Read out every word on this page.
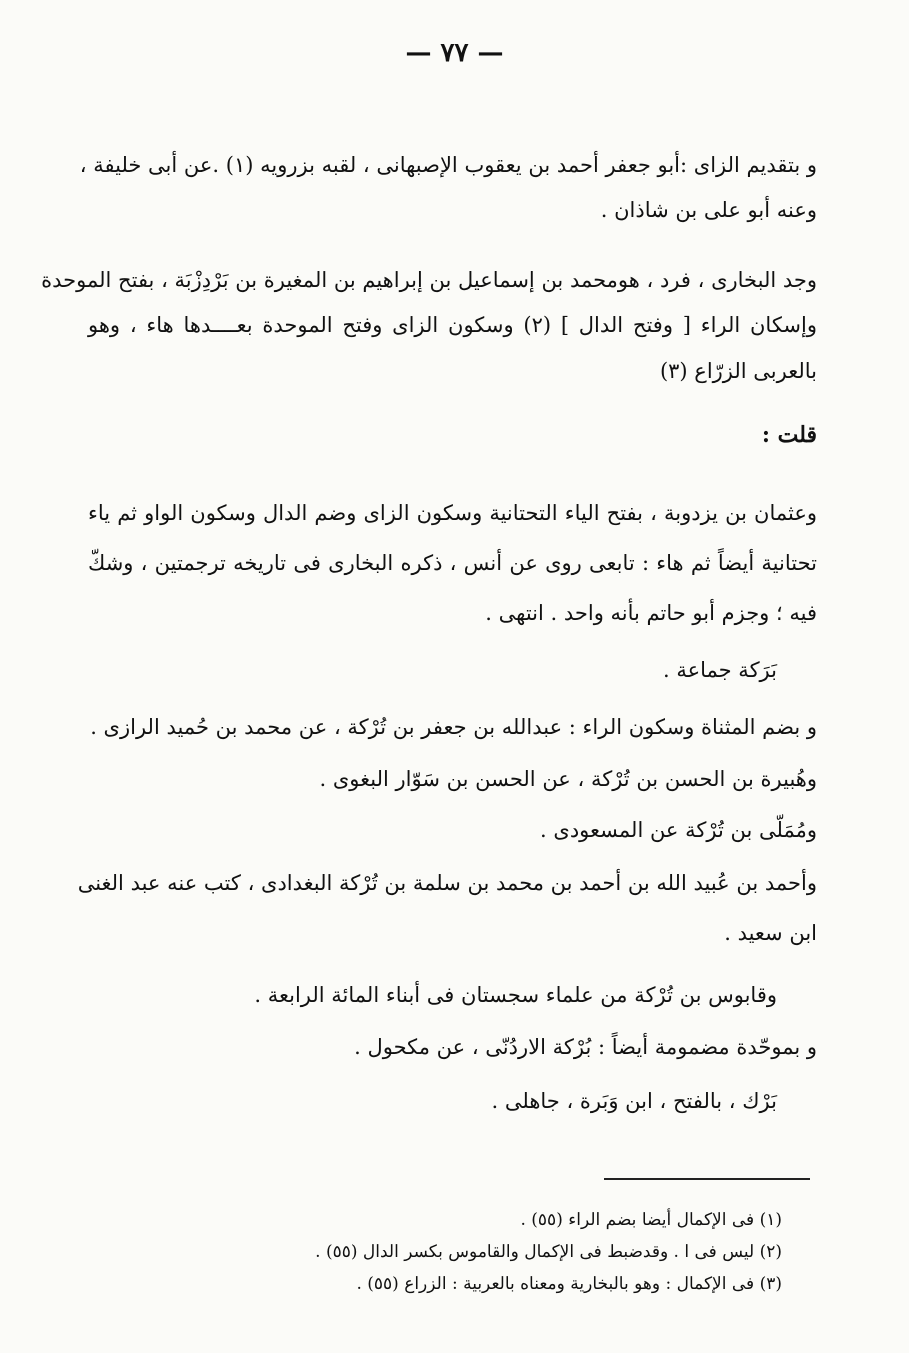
— ٧٧ —
و بتقديم الزاى :أبو جعفر أحمد بن يعقوب الإصبهانى ، لقبه بزرويه (١) .عن أبى خليفة ،
وعنه أبو على بن شاذان .
وجد البخارى ، فرد ، هومحمد بن إسماعيل بن إبراهيم بن المغيرة بن بَرْدِزْبَة ، بفتح الموحدة
وإسكان الراء [ وفتح الدال ] (٢) وسكون الزاى وفتح الموحدة بعــــدها هاء ، وهو
بالعربى الزرّاع (٣)
قلت :
وعثمان بن يزدوبة ، بفتح الياء التحتانية وسكون الزاى وضم الدال وسكون الواو ثم ياء
تحتانية أيضاً ثم هاء : تابعى روى عن أنس ، ذكره البخارى فى تاريخه ترجمتين ، وشكّ
فيه ؛ وجزم أبو حاتم بأنه واحد . انتهى .
بَرَكة جماعة .
و بضم المثناة وسكون الراء : عبدالله بن جعفر بن تُرْكة ، عن محمد بن حُميد الرازى .
وهُبيرة بن الحسن بن تُرْكة ، عن الحسن بن سَوّار البغوى .
ومُمَلّى بن تُرْكة عن المسعودى .
وأحمد بن عُبيد الله بن أحمد بن محمد بن سلمة بن تُرْكة البغدادى ، كتب عنه عبد الغنى
ابن سعيد .
وقابوس بن تُرْكة من علماء سجستان فى أبناء المائة الرابعة .
و بموحّدة مضمومة أيضاً : بُرْكة الاردُنّى ، عن مكحول .
بَرْك ، بالفتح ، ابن وَبَرة ، جاهلى .
(١) فى الإكمال أيضا بضم الراء (٥٥) .
(٢) ليس فى ا . وقدضبط فى الإكمال والقاموس بكسر الدال (٥٥) .
(٣) فى الإكمال : وهو بالبخارية ومعناه بالعربية : الزراع (٥٥) .
